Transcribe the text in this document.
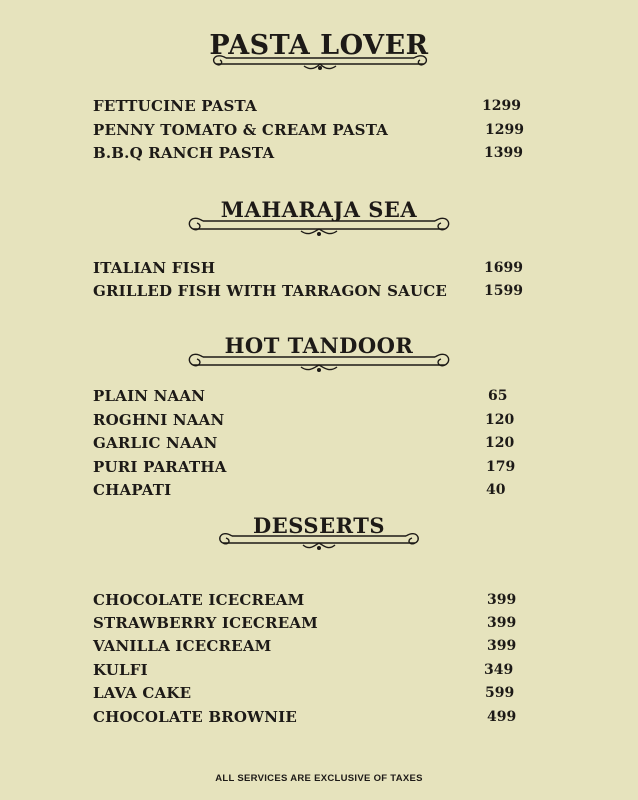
PASTA LOVER
FETTUCINE PASTA	1299
PENNY TOMATO & CREAM PASTA	1299
B.B.Q RANCH PASTA	1399
MAHARAJA SEA
ITALIAN FISH	1699
GRILLED FISH WITH TARRAGON SAUCE	1599
HOT TANDOOR
PLAIN NAAN	65
ROGHNI NAAN	120
GARLIC NAAN	120
PURI PARATHA	179
CHAPATI	40
DESSERTS
CHOCOLATE ICECREAM	399
STRAWBERRY ICECREAM	399
VANILLA ICECREAM	399
KULFI	349
LAVA CAKE	599
CHOCOLATE BROWNIE	499
ALL SERVICES ARE EXCLUSIVE OF TAXES
